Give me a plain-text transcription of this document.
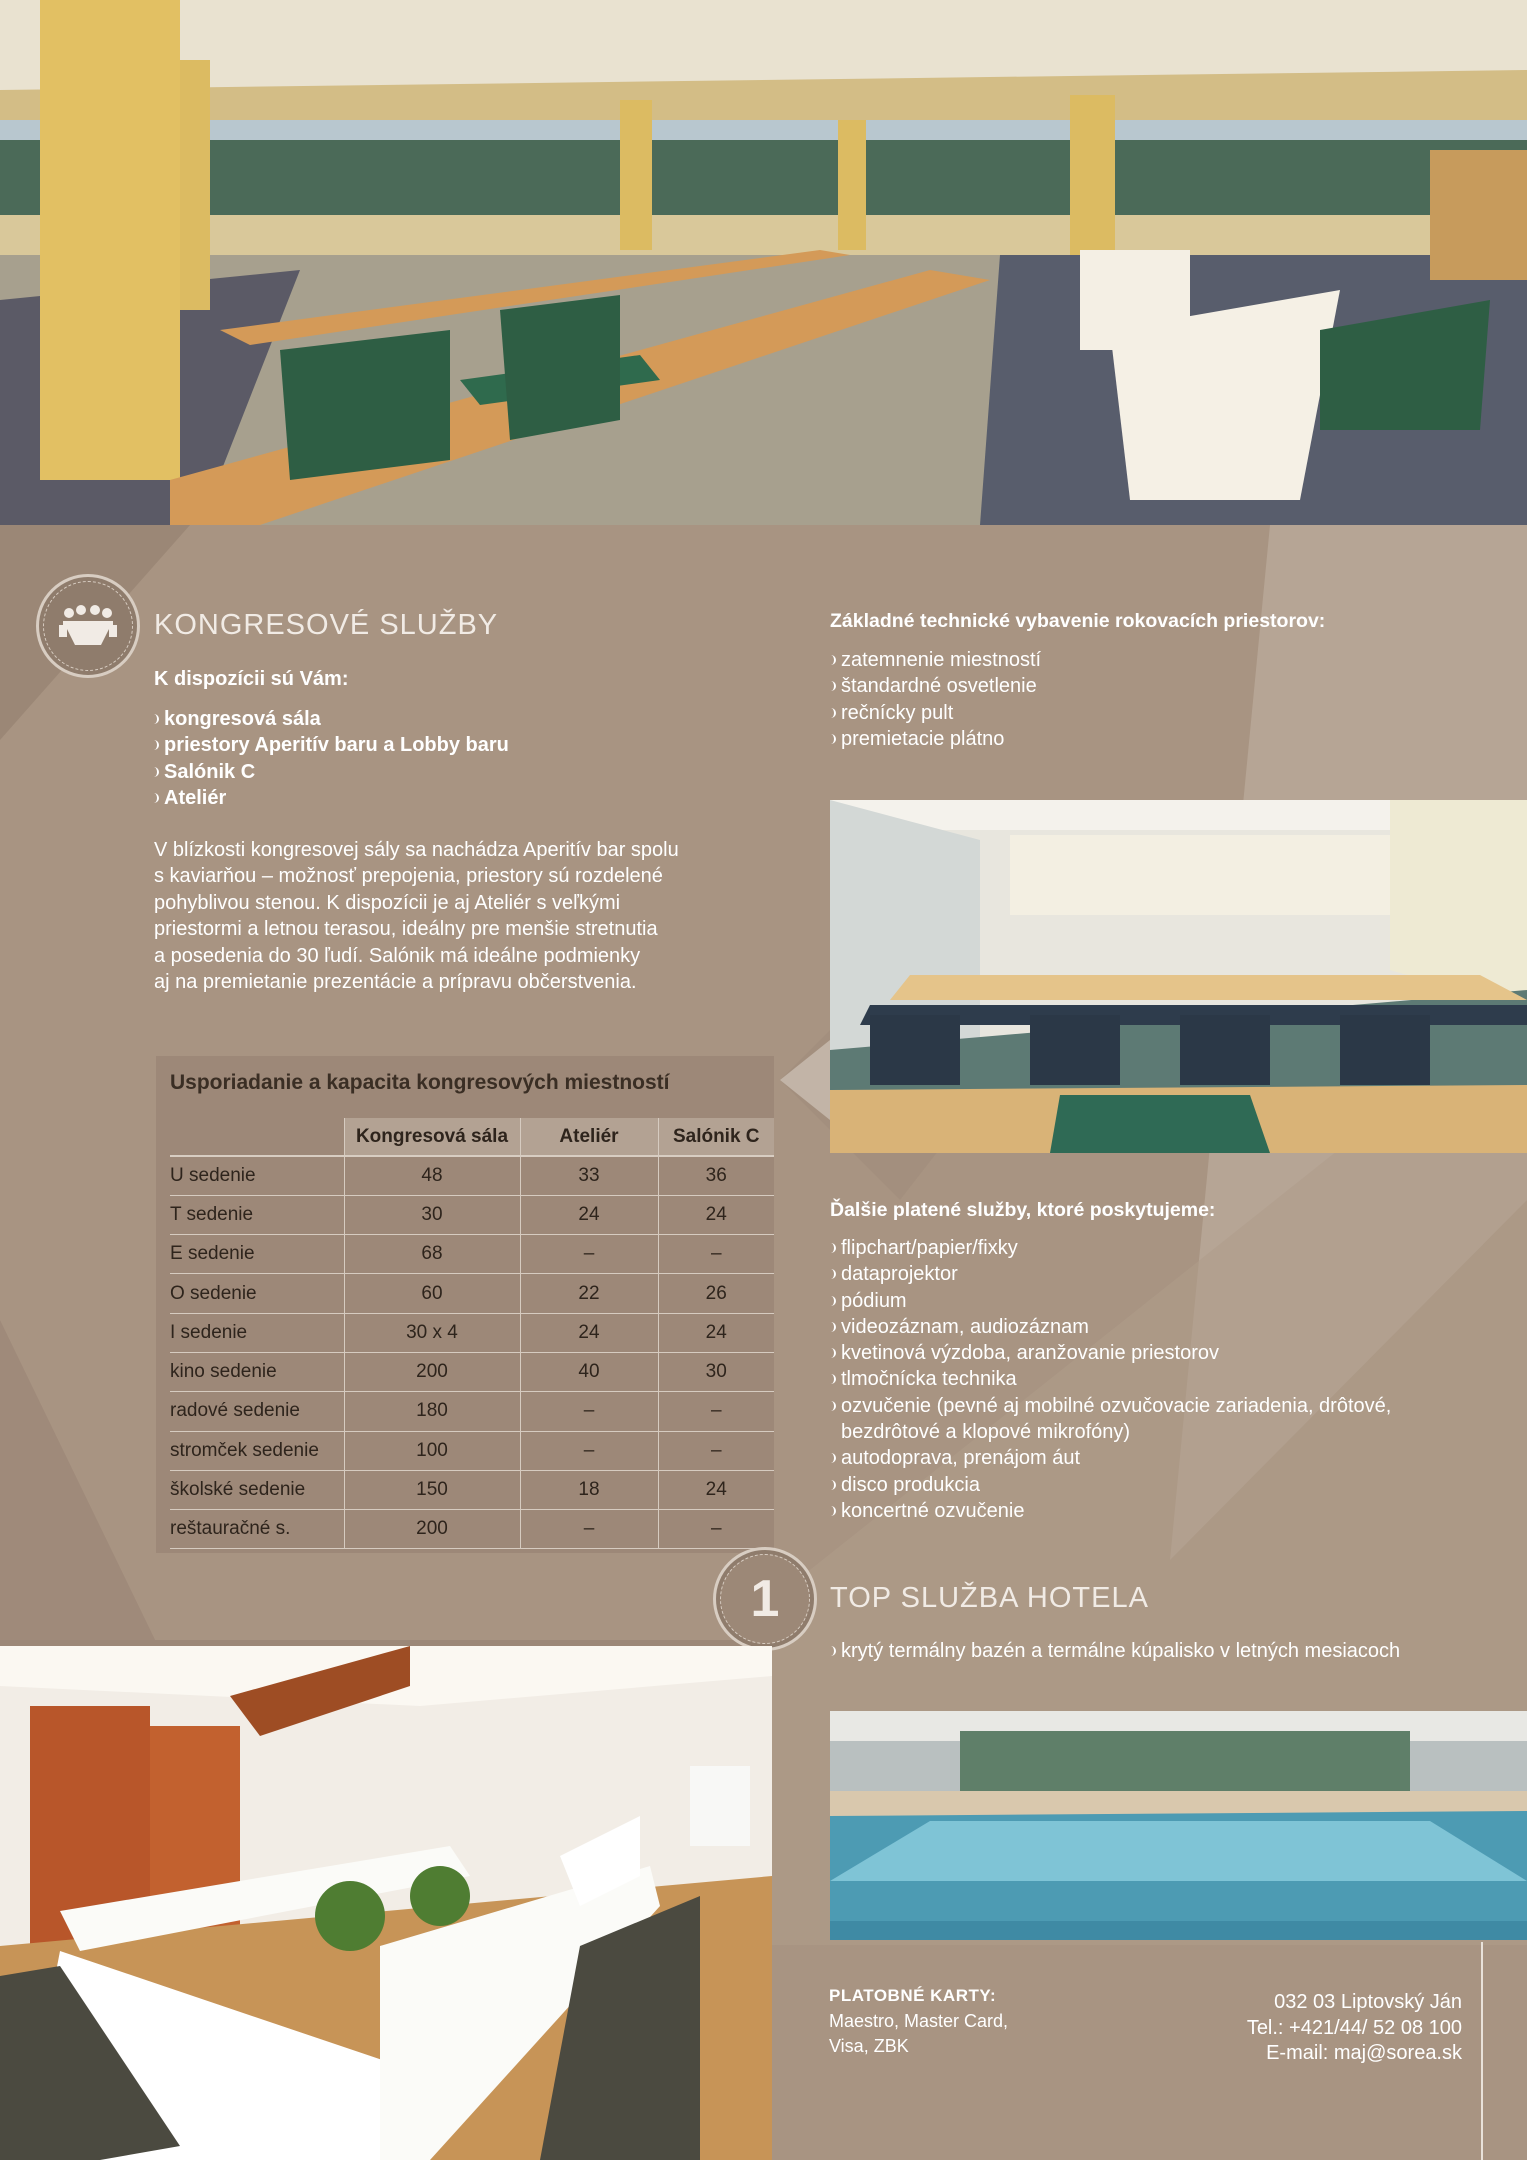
KONGRESOVÉ SLUŽBY
K dispozícii sú Vám:
kongresová sála
priestory Aperitív baru a Lobby baru
Salónik C
Ateliér

V blízkosti kongresovej sály sa nachádza Aperitív bar spolu

s kaviarňou – možnosť prepojenia, priestory sú rozdelené

pohyblivou stenou. K dispozícii je aj Ateliér s veľkými

priestormi a letnou terasou, ideálny pre menšie stretnutia

a posedenia do 30 ľudí. Salónik má ideálne podmienky

aj na premietanie prezentácie a prípravu občerstvenia.

Usporiadanie a kapacita kongresových miestností
	Kongresová sála	Ateliér	Salónik C
U sedenie	48	33	36
T sedenie	30	24	24
E sedenie	68	–	–
O sedenie	60	22	26
I sedenie	30 x 4	24	24
kino sedenie	200	40	30
radové sedenie	180	–	–
stromček sedenie	100	–	–
školské sedenie	150	18	24
reštauračné s.	200	–	–
Základné technické vybavenie rokovacích priestorov:
zatemnenie miestností
štandardné osvetlenie
rečnícky pult
premietacie plátno
Ďalšie platené služby, ktoré poskytujeme:
flipchart/papier/fixky
dataprojektor
pódium
videozáznam, audiozáznam
kvetinová výzdoba, aranžovanie priestorov
tlmočnícka technika
ozvučenie (pevné aj mobilné ozvučovacie zariadenia, drôtové, bezdrôtové a klopové mikrofóny)
autodoprava, prenájom áut
disco produkcia
koncertné ozvučenie
1 TOP SLUŽBA HOTELA
krytý termálny bazén a termálne kúpalisko v letných mesiacoch
PLATOBNÉ KARTY:
Maestro, Master Card,
Visa, ZBK
032 03 Liptovský Ján
Tel.: +421/44/ 52 08 100
E-mail: maj@sorea.sk
